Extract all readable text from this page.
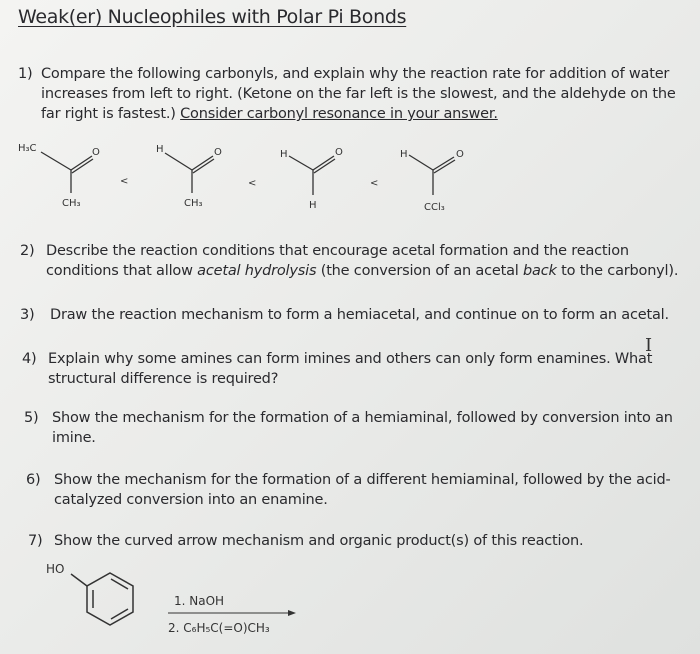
Weak(er) Nucleophiles with Polar Pi Bonds
1) Compare the following carbonyls, and explain why the reaction rate for addition of water increases from left to right. (Ketone on the far left is the slowest, and the aldehyde on the far right is fastest.) Consider carbonyl resonance in your answer.
H₃C	O
CH₃
<
H	O
CH₃
<
H	O
H
<
H	O
CCl₃
2) Describe the reaction conditions that encourage acetal formation and the reaction conditions that allow acetal hydrolysis (the conversion of an acetal back to the carbonyl).
3) Draw the reaction mechanism to form a hemiacetal, and continue on to form an acetal.
I
4) Explain why some amines can form imines and others can only form enamines. What structural difference is required?
5) Show the mechanism for the formation of a hemiaminal, followed by conversion into an imine.
6) Show the mechanism for the formation of a different hemiaminal, followed by the acid-catalyzed conversion into an enamine.
7) Show the curved arrow mechanism and organic product(s) of this reaction.
HO
1. NaOH
2. C₆H₅C(=O)CH₃
